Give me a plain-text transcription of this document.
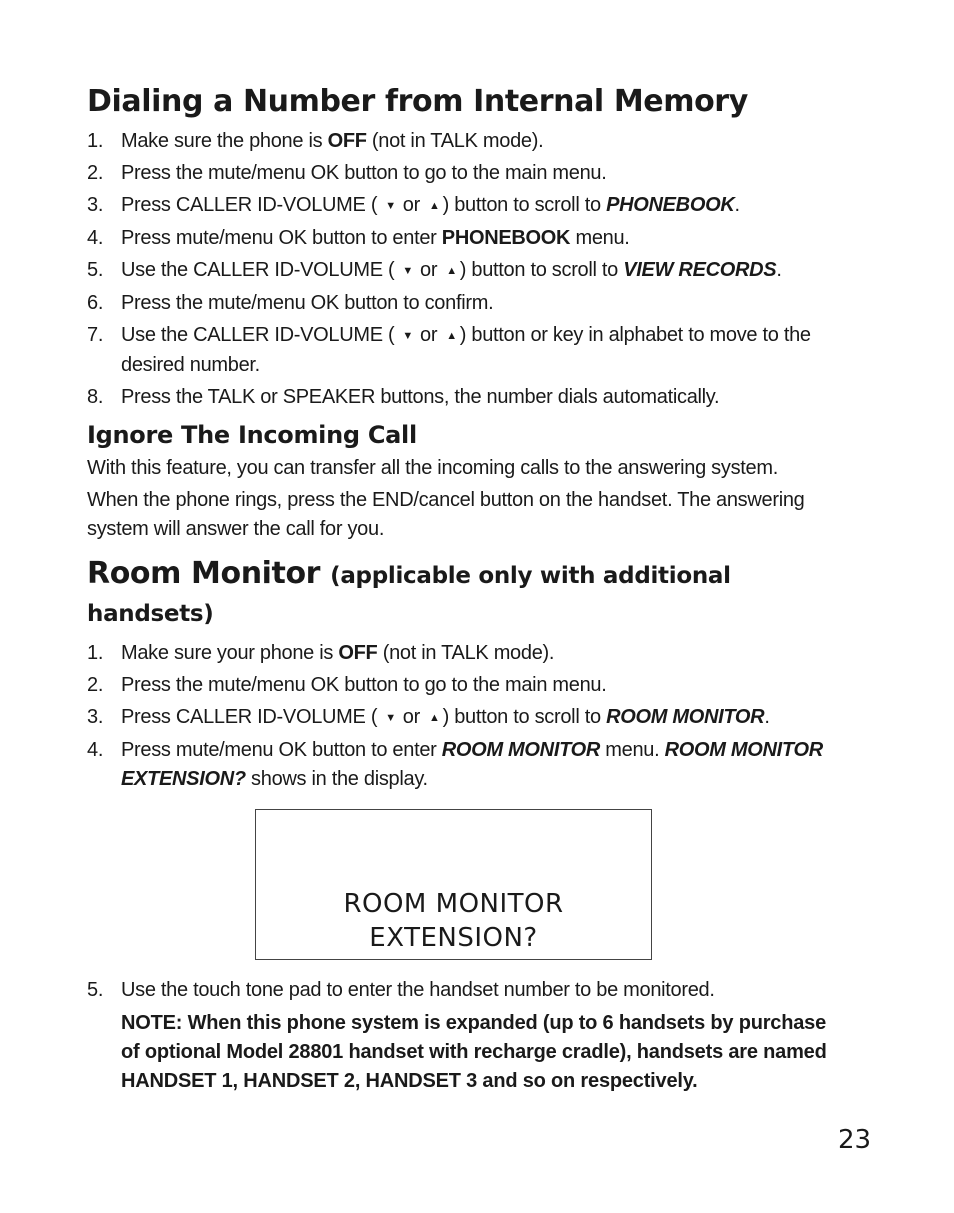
Dialing a Number from Internal Memory
1. Make sure the phone is OFF (not in TALK mode).
2. Press the mute/menu OK button to go to the main menu.
3. Press CALLER ID-VOLUME ( ▼ or ▲ ) button to scroll to PHONEBOOK.
4. Press mute/menu OK button to enter PHONEBOOK menu.
5. Use the CALLER ID-VOLUME ( ▼ or ▲ ) button to scroll to VIEW RECORDS.
6. Press the mute/menu OK button to confirm.
7. Use the CALLER ID-VOLUME ( ▼ or ▲ ) button or key in alphabet to move to the desired number.
8. Press the TALK or SPEAKER buttons, the number dials automatically.
Ignore The Incoming Call

With this feature, you can transfer all the incoming calls to the answering system.

When the phone rings, press the END/cancel button on the handset. The answering system will answer the call for you.

Room Monitor (applicable only with additional handsets)
1. Make sure your phone is OFF (not in TALK mode).
2. Press the mute/menu OK button to go to the main menu.
3. Press CALLER ID-VOLUME ( ▼ or ▲ ) button to scroll to ROOM MONITOR.
4. Press mute/menu OK button to enter ROOM MONITOR menu. ROOM MONITOR EXTENSION? shows in the display.
ROOM MONITOR
EXTENSION?
5. Use the touch tone pad to enter the handset number to be monitored.
NOTE: When this phone system is expanded (up to 6 handsets by purchase of optional Model 28801 handset with recharge cradle), handsets are named HANDSET 1, HANDSET 2, HANDSET 3 and so on respectively.
23
